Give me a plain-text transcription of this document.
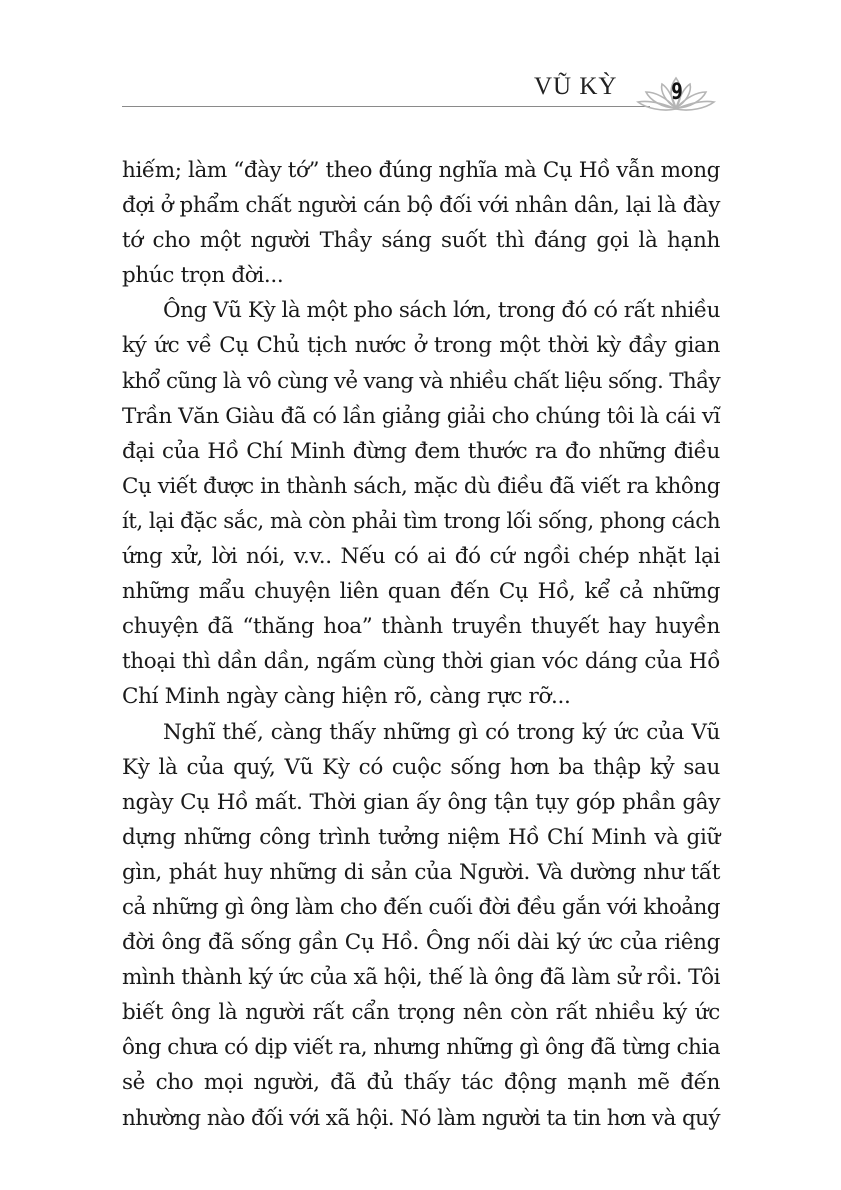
VŨ KỲ 9
hiếm; làm “đày tớ” theo đúng nghĩa mà Cụ Hồ vẫn mong
đợi ở phẩm chất người cán bộ đối với nhân dân, lại là đày
tớ cho một người Thầy sáng suốt thì đáng gọi là hạnh
phúc trọn đời...
Ông Vũ Kỳ là một pho sách lớn, trong đó có rất nhiều
ký ức về Cụ Chủ tịch nước ở trong một thời kỳ đầy gian
khổ cũng là vô cùng vẻ vang và nhiều chất liệu sống. Thầy
Trần Văn Giàu đã có lần giảng giải cho chúng tôi là cái vĩ
đại của Hồ Chí Minh đừng đem thước ra đo những điều
Cụ viết được in thành sách, mặc dù điều đã viết ra không
ít, lại đặc sắc, mà còn phải tìm trong lối sống, phong cách
ứng xử, lời nói, v.v.. Nếu có ai đó cứ ngồi chép nhặt lại
những mẩu chuyện liên quan đến Cụ Hồ, kể cả những
chuyện đã “thăng hoa” thành truyền thuyết hay huyền
thoại thì dần dần, ngấm cùng thời gian vóc dáng của Hồ
Chí Minh ngày càng hiện rõ, càng rực rỡ...
Nghĩ thế, càng thấy những gì có trong ký ức của Vũ
Kỳ là của quý, Vũ Kỳ có cuộc sống hơn ba thập kỷ sau
ngày Cụ Hồ mất. Thời gian ấy ông tận tụy góp phần gây
dựng những công trình tưởng niệm Hồ Chí Minh và giữ
gìn, phát huy những di sản của Người. Và dường như tất
cả những gì ông làm cho đến cuối đời đều gắn với khoảng
đời ông đã sống gần Cụ Hồ. Ông nối dài ký ức của riêng
mình thành ký ức của xã hội, thế là ông đã làm sử rồi. Tôi
biết ông là người rất cẩn trọng nên còn rất nhiều ký ức
ông chưa có dịp viết ra, nhưng những gì ông đã từng chia
sẻ cho mọi người, đã đủ thấy tác động mạnh mẽ đến
nhường nào đối với xã hội. Nó làm người ta tin hơn và quý
